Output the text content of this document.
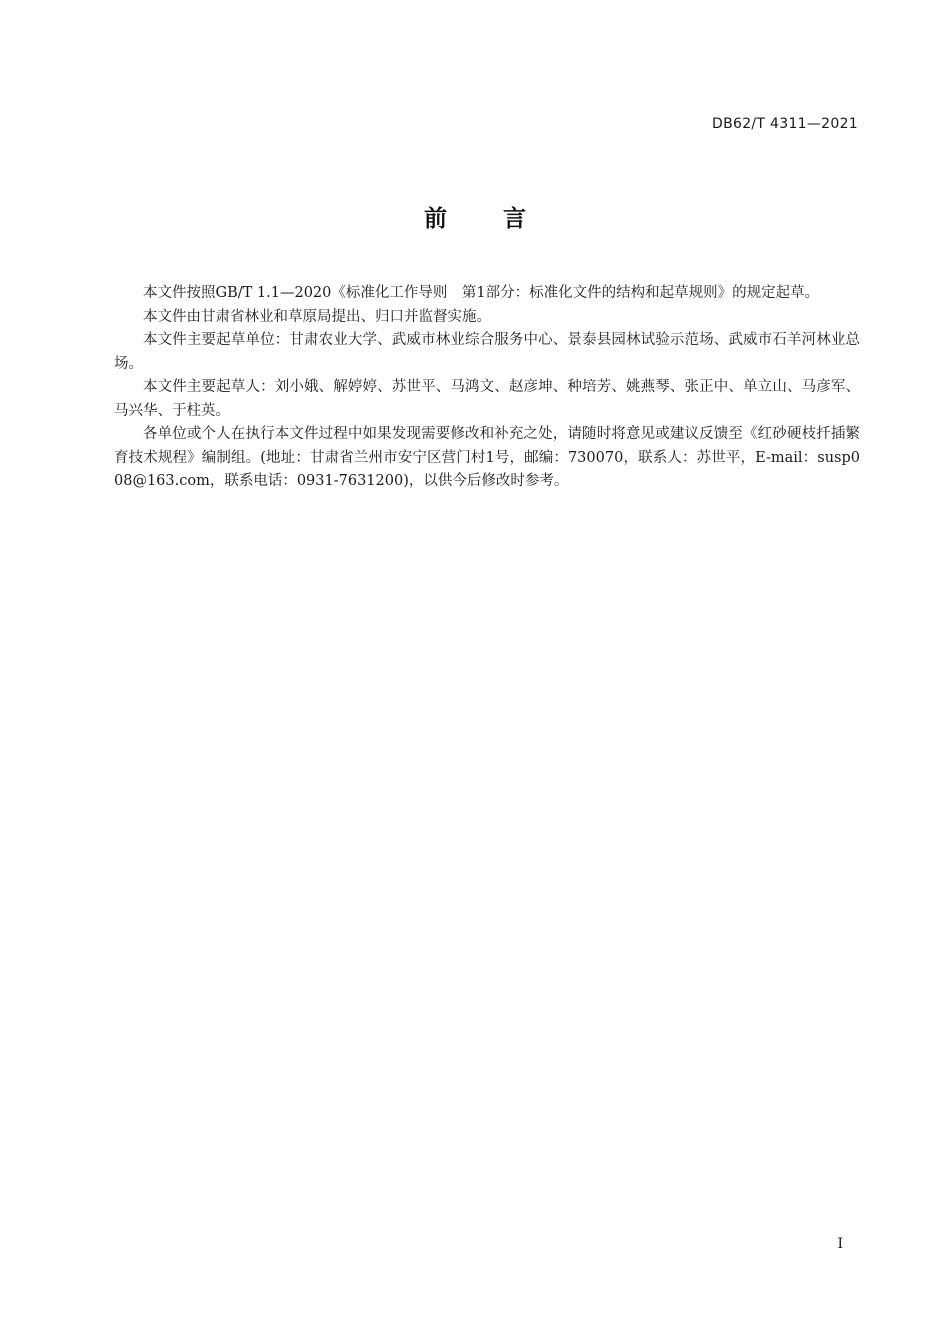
DB62/T 4311—2021
前 言

本文件按照GB/T 1.1—2020《标准化工作导则　第1部分：标准化文件的结构和起草规则》的规定起草。

本文件由甘肃省林业和草原局提出、归口并监督实施。

本文件主要起草单位：甘肃农业大学、武威市林业综合服务中心、景泰县园林试验示范场、武威市石羊河林业总场。

本文件主要起草人：刘小娥、解婷婷、苏世平、马鸿文、赵彦坤、种培芳、姚燕琴、张正中、单立山、马彦军、马兴华、于柱英。

各单位或个人在执行本文件过程中如果发现需要修改和补充之处，请随时将意见或建议反馈至《红砂硬枝扦插繁育技术规程》编制组。(地址：甘肃省兰州市安宁区营门村1号，邮编：730070，联系人：苏世平，E-mail：susp008@163.com，联系电话：0931-7631200)，以供今后修改时参考。

I
